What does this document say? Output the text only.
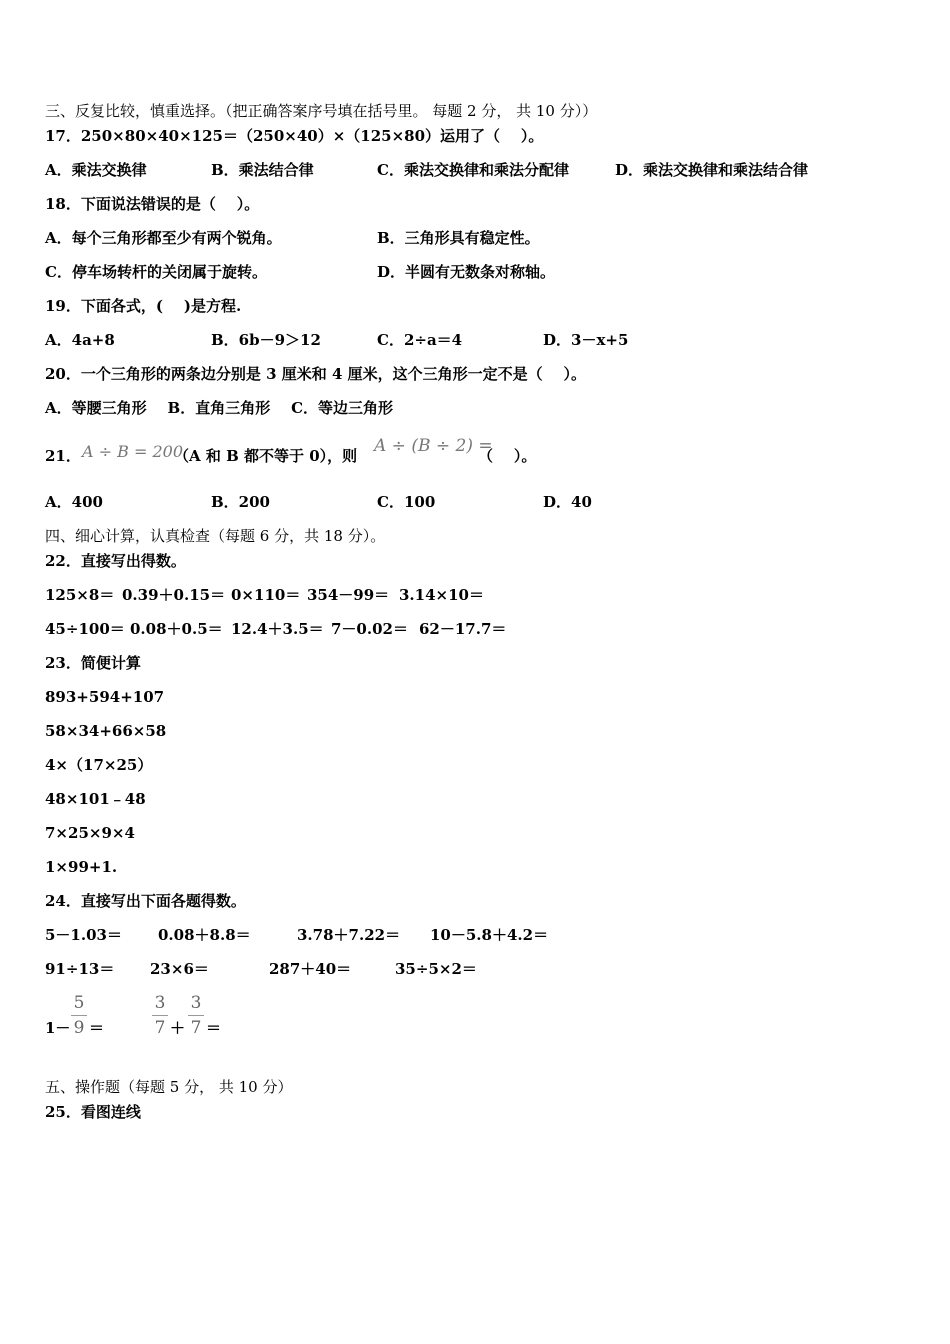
三、反复比较，慎重选择。（把正确答案序号填在括号里。 每题 2 分， 共 10 分））
17．250×80×40×125＝（250×40）×（125×80）运用了（    ）。
A．乘法交换律	B．乘法结合律	C．乘法交换律和乘法分配律	D．乘法交换律和乘法结合律
18．下面说法错误的是（    ）。
A．每个三角形都至少有两个锐角。	B．三角形具有稳定性。
C．停车场转杆的关闭属于旋转。	D．半圆有无数条对称轴。
19．下面各式，(    )是方程.
A．4a+8	B．6b－9＞12	C．2÷a＝4	D．3－x+5
20．一个三角形的两条边分别是 3 厘米和 4 厘米，这个三角形一定不是（    ）。
A．等腰三角形    B．直角三角形    C．等边三角形
21． A ÷ B = 200
（A 和 B 都不等于 0），则 A ÷ (B ÷ 2) =
（    ）。
A．400	B．200	C．100	D．40
四、细心计算，认真检查（每题 6 分，共 18 分）。
22．直接写出得数。
125×8＝ 0.39＋0.15＝ 0×110＝ 354－99＝ 3.14×10＝
45÷100＝ 0.08＋0.5＝ 12.4＋3.5＝ 7－0.02＝ 62－17.7＝
23．简便计算
893+594+107
58×34+66×58
4×（17×25）
48×101﹣48
7×25×9×4
1×99+1.
24．直接写出下面各题得数。
5－1.03＝ 0.08＋8.8＝	3.78＋7.22＝ 10－5.8＋4.2＝
91÷13＝ 23×6＝	287＋40＝	35÷5×2＝
1－
5
9 ＝
3
7 ＋
3
7 ＝
五、操作题（每题 5 分， 共 10 分）
25．看图连线
